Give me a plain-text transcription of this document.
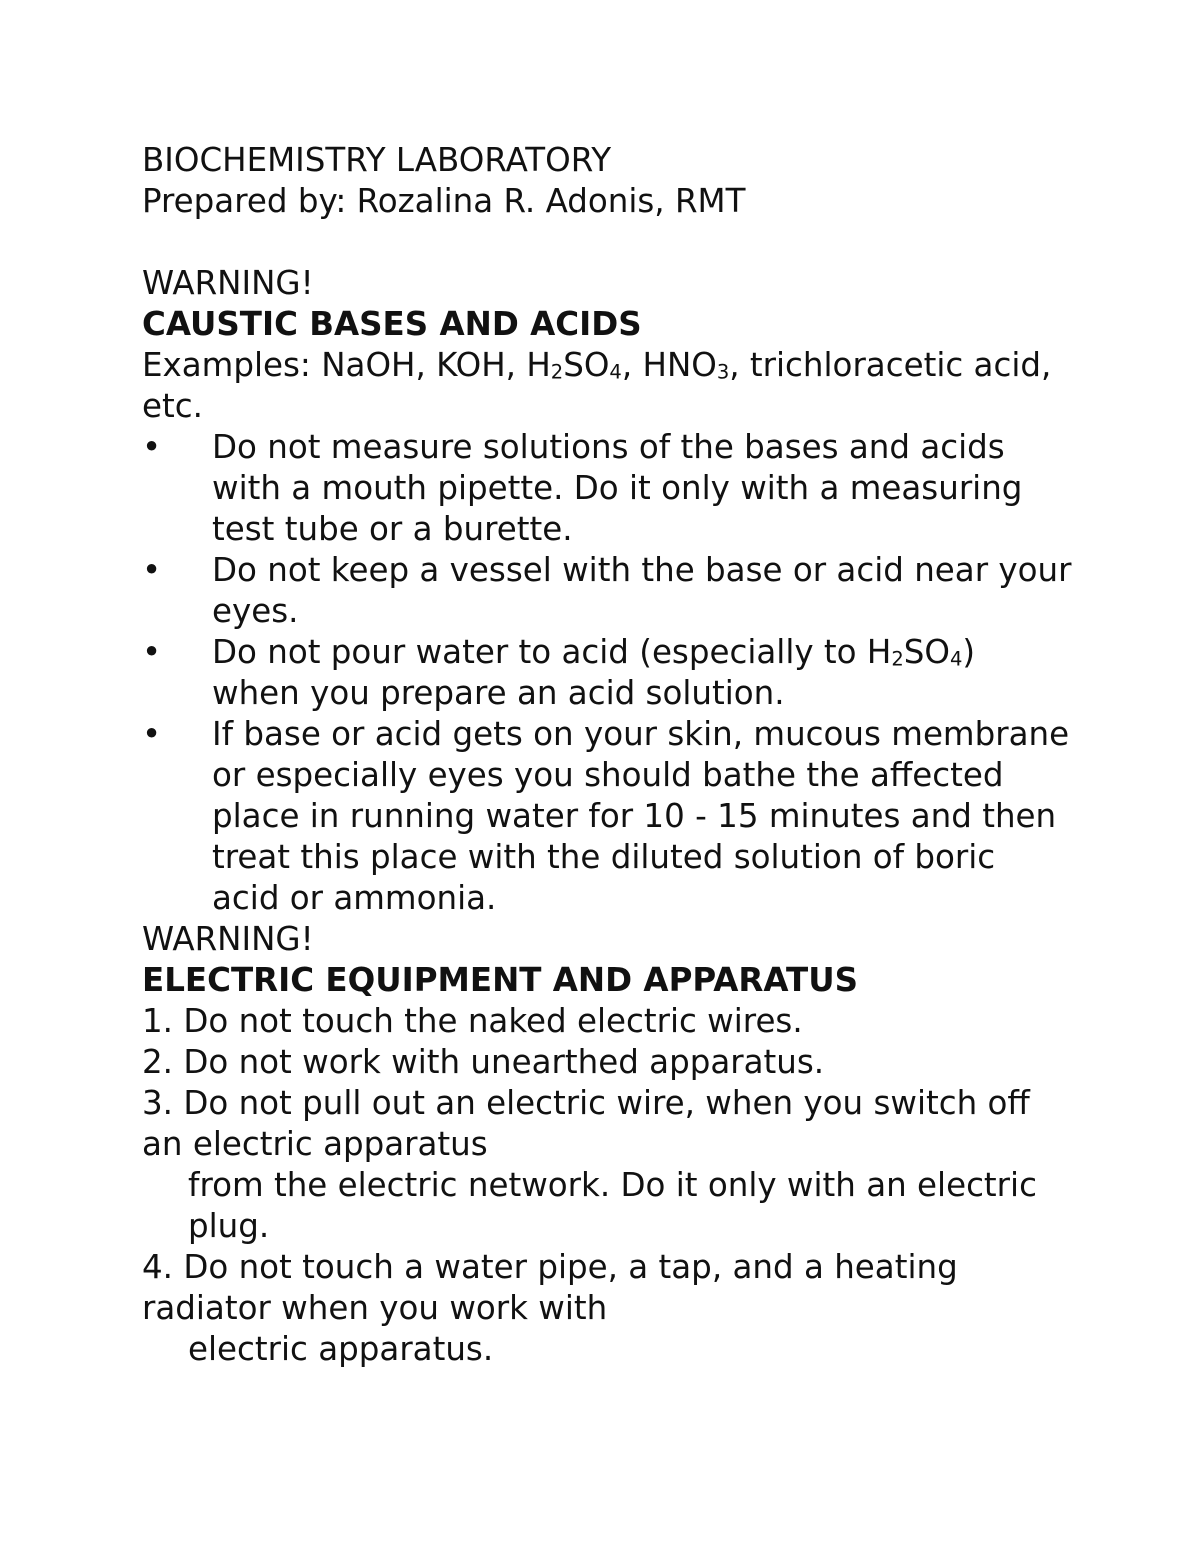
BIOCHEMISTRY LABORATORY
Prepared by: Rozalina R. Adonis, RMT
WARNING!
CAUSTIC BASES AND ACIDS
Examples: NaOH, KOH, $H_2SO_4$, $HNO_3$, trichloracetic acid, etc.
• Do not measure solutions of the bases and acids with a mouth pipette. Do it only with a measuring test tube or a burette.
• Do not keep a vessel with the base or acid near your eyes.
• Do not pour water to acid (especially to $H_2SO_4$) when you prepare an acid solution.
• If base or acid gets on your skin, mucous membrane or especially eyes you should bathe the affected place in running water for 10 - 15 minutes and then treat this place with the diluted solution of boric acid or ammonia.
WARNING!
ELECTRIC EQUIPMENT AND APPARATUS
1. Do not touch the naked electric wires.
2. Do not work with unearthed apparatus.
3. Do not pull out an electric wire, when you switch off an electric apparatus
from the electric network. Do it only with an electric plug.
4. Do not touch a water pipe, a tap, and a heating radiator when you work with
electric apparatus.
